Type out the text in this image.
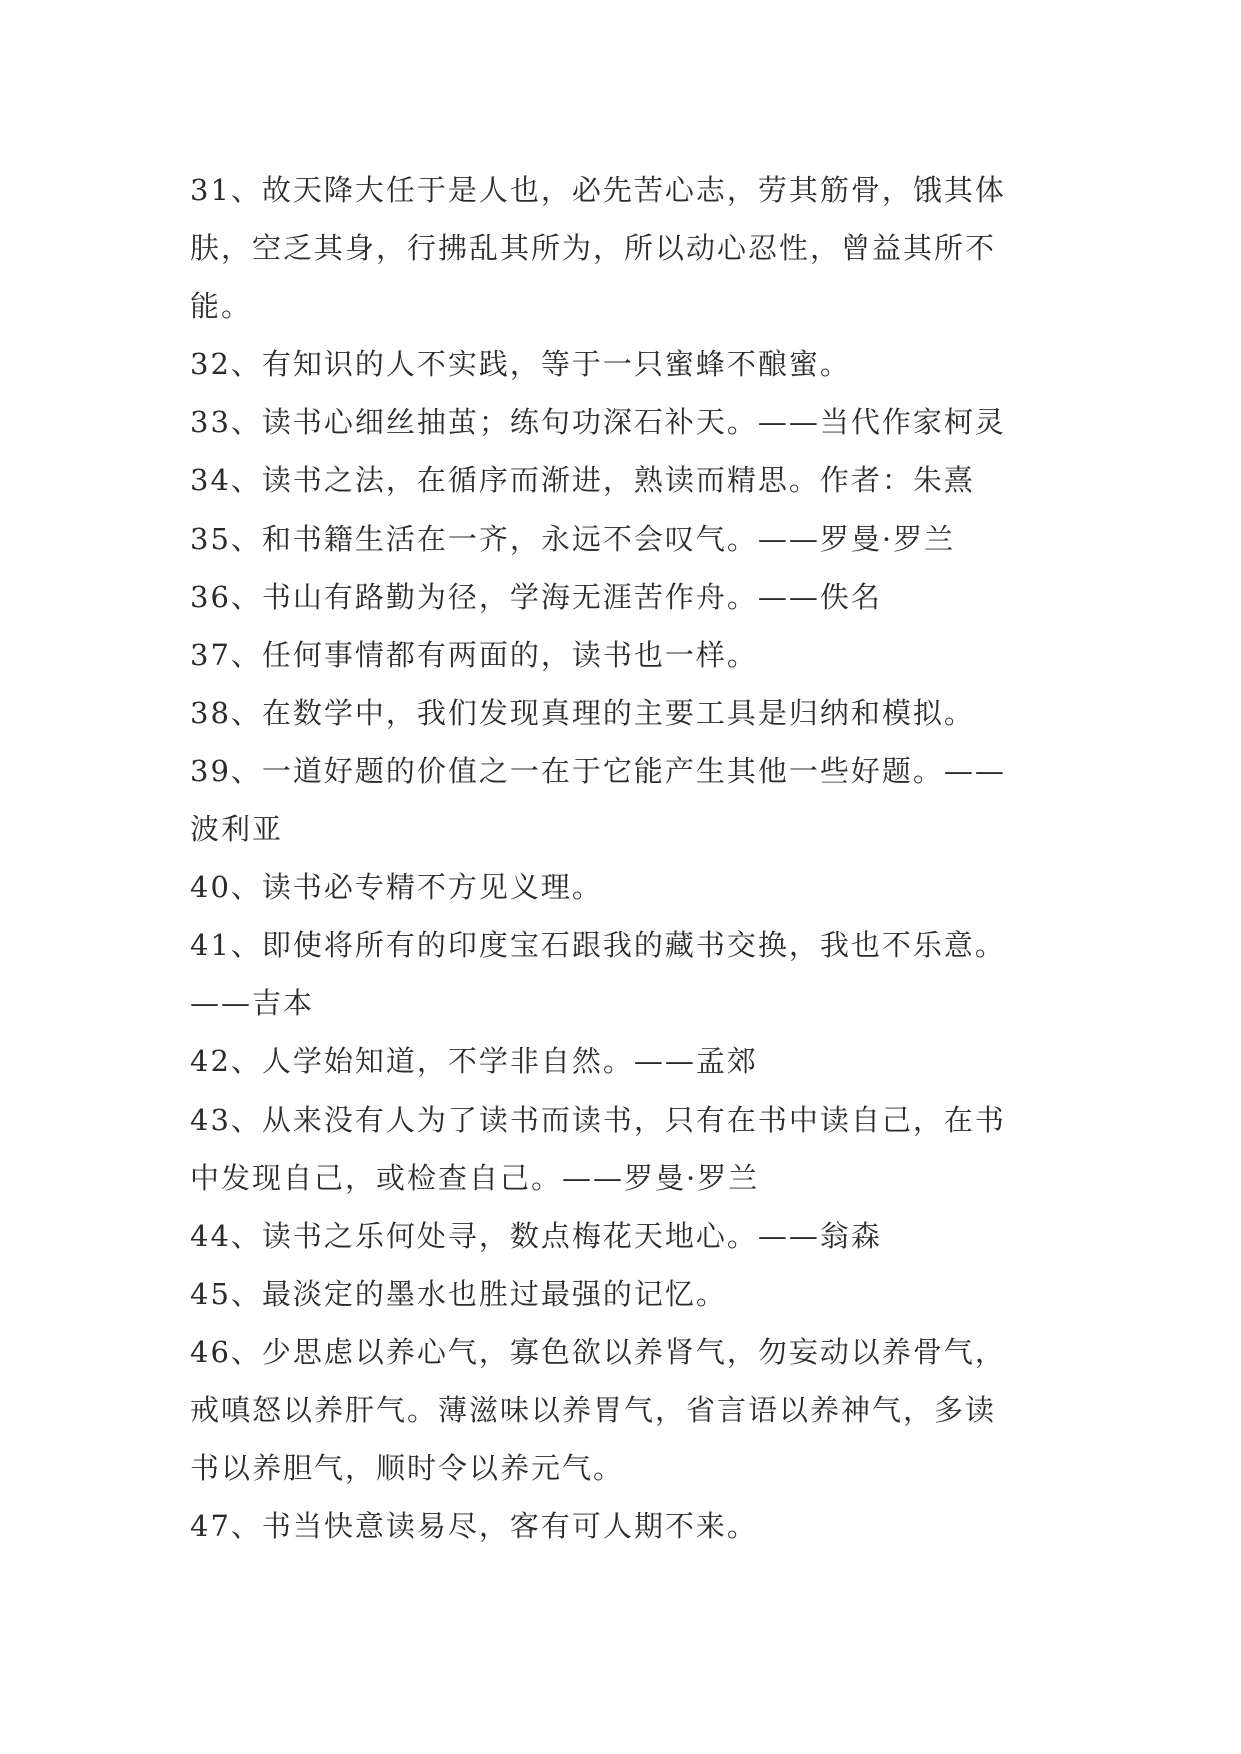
31、故天降大任于是人也，必先苦心志，劳其筋骨，饿其体
肤，空乏其身，行拂乱其所为，所以动心忍性，曾益其所不
能。
32、有知识的人不实践，等于一只蜜蜂不酿蜜。
33、读书心细丝抽茧；练句功深石补天。——当代作家柯灵
34、读书之法，在循序而渐进，熟读而精思。作者：朱熹
35、和书籍生活在一齐，永远不会叹气。——罗曼·罗兰
36、书山有路勤为径，学海无涯苦作舟。——佚名
37、任何事情都有两面的，读书也一样。
38、在数学中，我们发现真理的主要工具是归纳和模拟。
39、一道好题的价值之一在于它能产生其他一些好题。——
波利亚
40、读书必专精不方见义理。
41、即使将所有的印度宝石跟我的藏书交换，我也不乐意。
——吉本
42、人学始知道，不学非自然。——孟郊
43、从来没有人为了读书而读书，只有在书中读自己，在书
中发现自己，或检查自己。——罗曼·罗兰
44、读书之乐何处寻，数点梅花天地心。——翁森
45、最淡定的墨水也胜过最强的记忆。
46、少思虑以养心气，寡色欲以养肾气，勿妄动以养骨气，
戒嗔怒以养肝气。薄滋味以养胃气，省言语以养神气，多读
书以养胆气，顺时令以养元气。
47、书当快意读易尽，客有可人期不来。
